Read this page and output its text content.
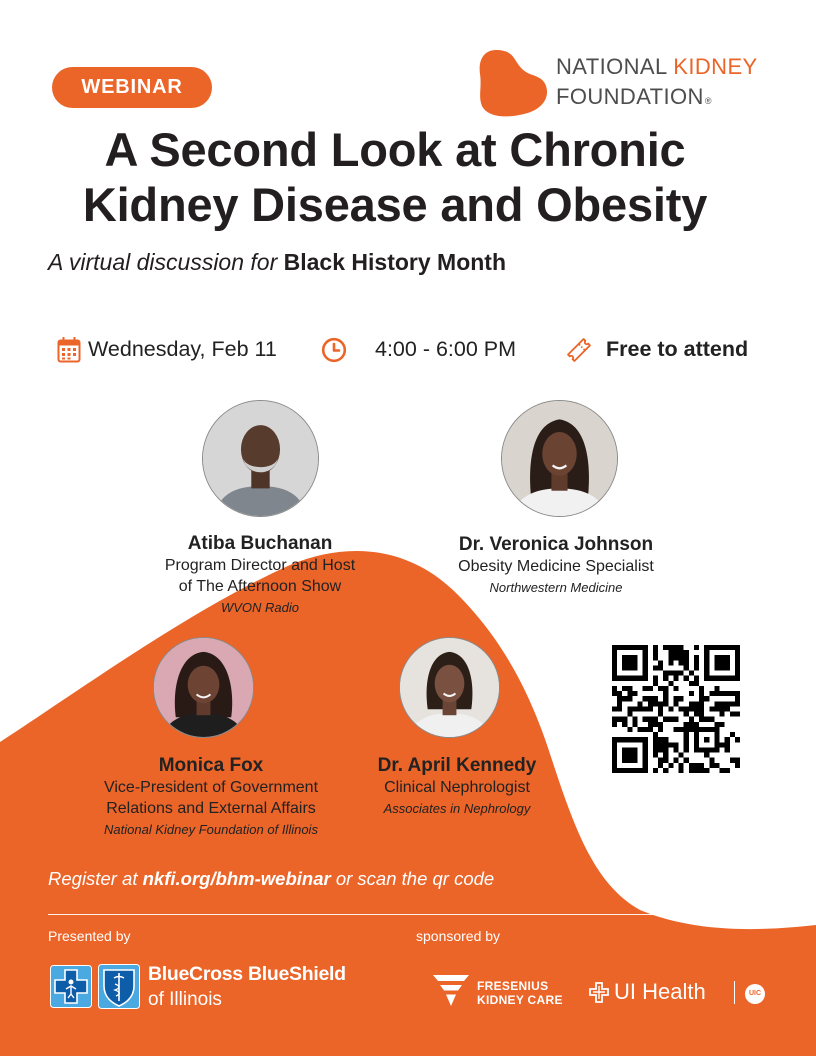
WEBINAR
NATIONAL KIDNEY
FOUNDATION®
A Second Look at Chronic
Kidney Disease and Obesity
A virtual discussion for Black History Month
Wednesday, Feb 11	4:00 - 6:00 PM	Free to attend
Atiba Buchanan
Program Director and Host
of The Afternoon Show
WVON Radio
Dr. Veronica Johnson
Obesity Medicine Specialist
Northwestern Medicine
Monica Fox
Vice-President of Government
Relations and External Affairs
National Kidney Foundation of Illinois
Dr. April Kennedy
Clinical Nephrologist
Associates in Nephrology
Register at nkfi.org/bhm-webinar or scan the qr code
Presented by	sponsored by
BlueCross BlueShield
of Illinois
FRESENIUS
KIDNEY CARE UI Health	UIC
